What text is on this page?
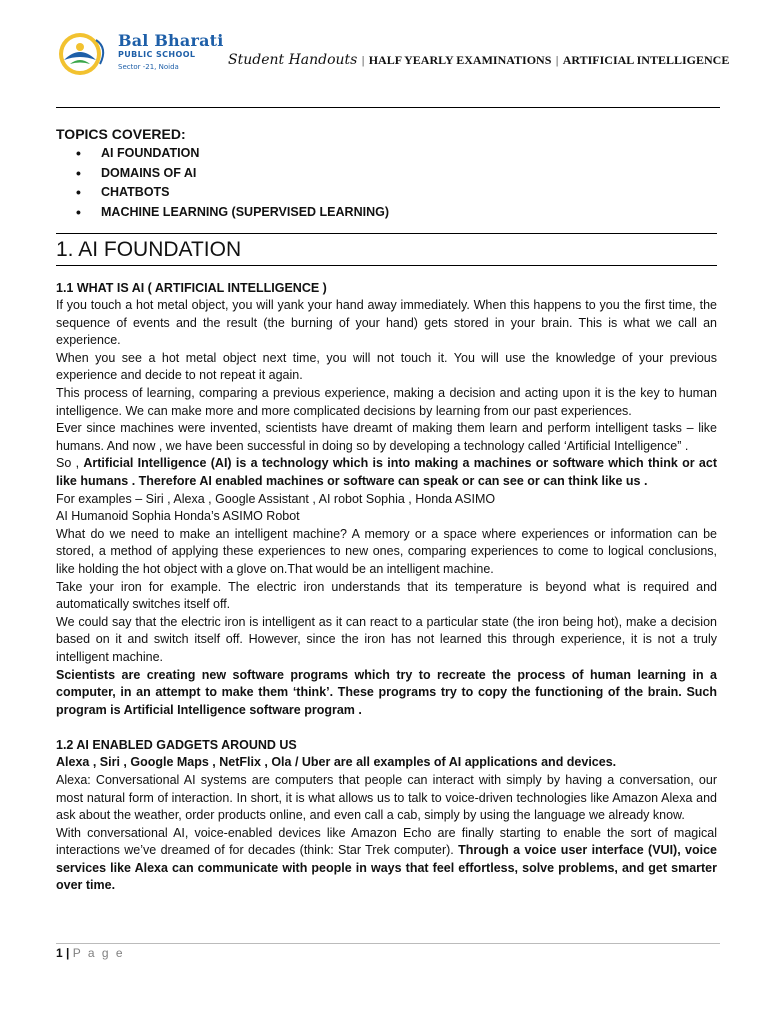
Bal Bharati
PUBLIC SCHOOL
Sector -21, Noida	Student Handouts | HALF YEARLY EXAMINATIONS | ARTIFICIAL INTELLIGENCE
TOPICS COVERED:
• AI FOUNDATION
• DOMAINS OF AI
• CHATBOTS
• MACHINE LEARNING (SUPERVISED LEARNING)
1. AI FOUNDATION
1.1 WHAT IS AI ( ARTIFICIAL INTELLIGENCE )

If you touch a hot metal object, you will yank your hand away immediately. When this happens to you the first time, the sequence of events and the result (the burning of your hand) gets stored in your brain. This is what we call an experience.

When you see a hot metal object next time, you will not touch it. You will use the knowledge of your previous experience and decide to not repeat it again.

This process of learning, comparing a previous experience, making a decision and acting upon it is the key to human intelligence. We can make more and more complicated decisions by learning from our past experiences.

Ever since machines were invented, scientists have dreamt of making them learn and perform intelligent tasks – like humans. And now , we have been successful in doing so by developing a technology called ‘Artificial Intelligence” .

So , Artificial Intelligence (AI) is a technology which is into making a machines or software which think or act like humans . Therefore AI enabled machines or software can speak or can see or can think like us .

For examples – Siri , Alexa , Google Assistant , AI robot Sophia , Honda ASIMO

AI Humanoid Sophia Honda’s ASIMO Robot

What do we need to make an intelligent machine? A memory or a space where experiences or information can be stored, a method of applying these experiences to new ones, comparing experiences to come to logical conclusions, like holding the hot object with a glove on.That would be an intelligent machine.

Take your iron for example. The electric iron understands that its temperature is beyond what is required and automatically switches itself off.

We could say that the electric iron is intelligent as it can react to a particular state (the iron being hot), make a decision based on it and switch itself off. However, since the iron has not learned this through experience, it is not a truly intelligent machine.

Scientists are creating new software programs which try to recreate the process of human learning in a computer, in an attempt to make them ‘think’. These programs try to copy the functioning of the brain. Such program is Artificial Intelligence software program .

1.2 AI ENABLED GADGETS AROUND US

Alexa , Siri , Google Maps , NetFlix , Ola / Uber are all examples of AI applications and devices.

Alexa: Conversational AI systems are computers that people can interact with simply by having a conversation, our most natural form of interaction. In short, it is what allows us to talk to voice-driven technologies like Amazon Alexa and ask about the weather, order products online, and even call a cab, simply by using the language we already know.

With conversational AI, voice-enabled devices like Amazon Echo are finally starting to enable the sort of magical interactions we’ve dreamed of for decades (think: Star Trek computer). Through a voice user interface (VUI), voice services like Alexa can communicate with people in ways that feel effortless, solve problems, and get smarter over time.

1 | P a g e
